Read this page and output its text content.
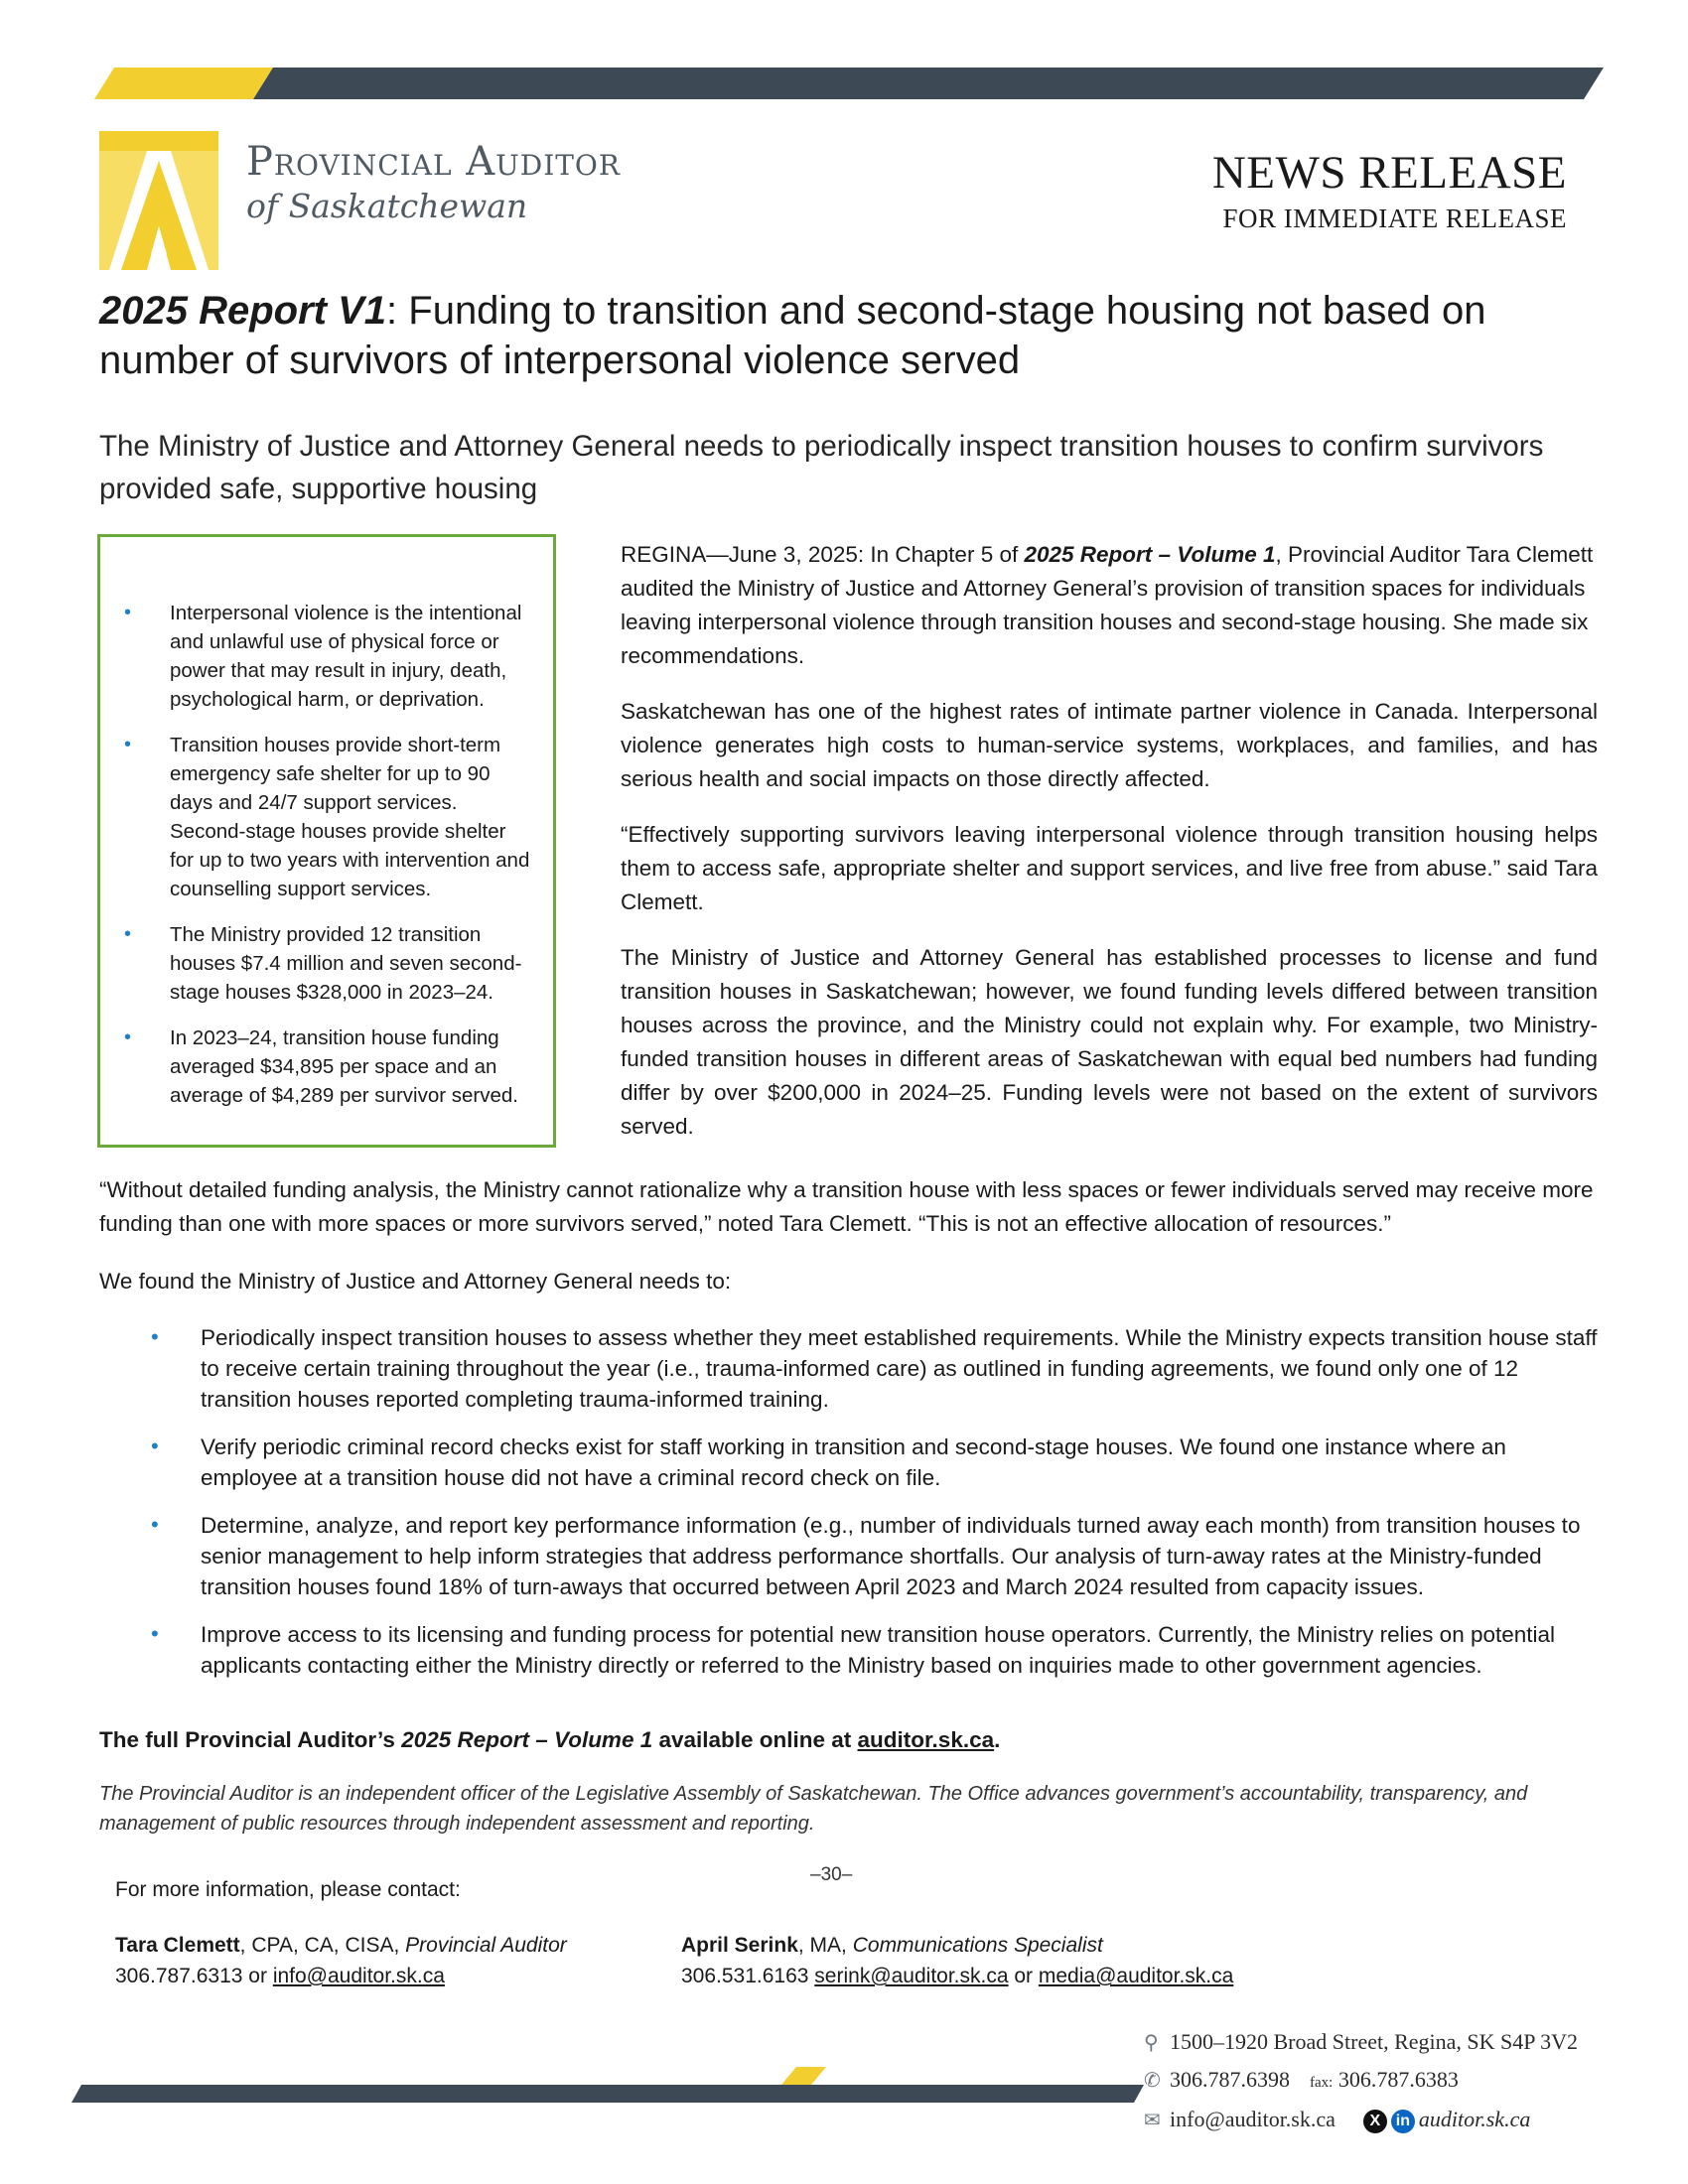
Provincial Auditor
of Saskatchewan
NEWS RELEASE
FOR IMMEDIATE RELEASE
2025 Report V1: Funding to transition and second-stage housing not based on number of survivors of interpersonal violence served
The Ministry of Justice and Attorney General needs to periodically inspect transition houses to confirm survivors provided safe, supportive housing
• Interpersonal violence is the intentional and unlawful use of physical force or power that may result in injury, death, psychological harm, or deprivation.
• Transition houses provide short-term emergency safe shelter for up to 90 days and 24/7 support services. Second-stage houses provide shelter for up to two years with intervention and counselling support services.
• The Ministry provided 12 transition houses $7.4 million and seven second-stage houses $328,000 in 2023–24.
• In 2023–24, transition house funding averaged $34,895 per space and an average of $4,289 per survivor served.

REGINA—June 3, 2025: In Chapter 5 of 2025 Report – Volume 1, Provincial Auditor Tara Clemett audited the Ministry of Justice and Attorney General’s provision of transition spaces for individuals leaving interpersonal violence through transition houses and second-stage housing. She made six recommendations.

Saskatchewan has one of the highest rates of intimate partner violence in Canada. Interpersonal violence generates high costs to human-service systems, workplaces, and families, and has serious health and social impacts on those directly affected.

“Effectively supporting survivors leaving interpersonal violence through transition housing helps them to access safe, appropriate shelter and support services, and live free from abuse.” said Tara Clemett.

The Ministry of Justice and Attorney General has established processes to license and fund transition houses in Saskatchewan; however, we found funding levels differed between transition houses across the province, and the Ministry could not explain why. For example, two Ministry-funded transition houses in different areas of Saskatchewan with equal bed numbers had funding differ by over $200,000 in 2024–25. Funding levels were not based on the extent of survivors served.

“Without detailed funding analysis, the Ministry cannot rationalize why a transition house with less spaces or fewer individuals served may receive more funding than one with more spaces or more survivors served,” noted Tara Clemett. “This is not an effective allocation of resources.”

We found the Ministry of Justice and Attorney General needs to:

• Periodically inspect transition houses to assess whether they meet established requirements. While the Ministry expects transition house staff to receive certain training throughout the year (i.e., trauma-informed care) as outlined in funding agreements, we found only one of 12 transition houses reported completing trauma-informed training.
• Verify periodic criminal record checks exist for staff working in transition and second-stage houses. We found one instance where an employee at a transition house did not have a criminal record check on file.
• Determine, analyze, and report key performance information (e.g., number of individuals turned away each month) from transition houses to senior management to help inform strategies that address performance shortfalls. Our analysis of turn-away rates at the Ministry-funded transition houses found 18% of turn-aways that occurred between April 2023 and March 2024 resulted from capacity issues.
• Improve access to its licensing and funding process for potential new transition house operators. Currently, the Ministry relies on potential applicants contacting either the Ministry directly or referred to the Ministry based on inquiries made to other government agencies.
The full Provincial Auditor’s 2025 Report – Volume 1 available online at auditor.sk.ca.
The Provincial Auditor is an independent officer of the Legislative Assembly of Saskatchewan. The Office advances government’s accountability, transparency, and management of public resources through independent assessment and reporting.
–30–
For more information, please contact:
Tara Clemett, CPA, CA, CISA, Provincial Auditor
306.787.6313 or info@auditor.sk.ca
April Serink, MA, Communications Specialist
306.531.6163 serink@auditor.sk.ca or media@auditor.sk.ca
⚲ 1500–1920 Broad Street, Regina, SK S4P 3V2
✆ 306.787.6398 fax: 306.787.6383
✉ info@auditor.sk.ca X in auditor.sk.ca
